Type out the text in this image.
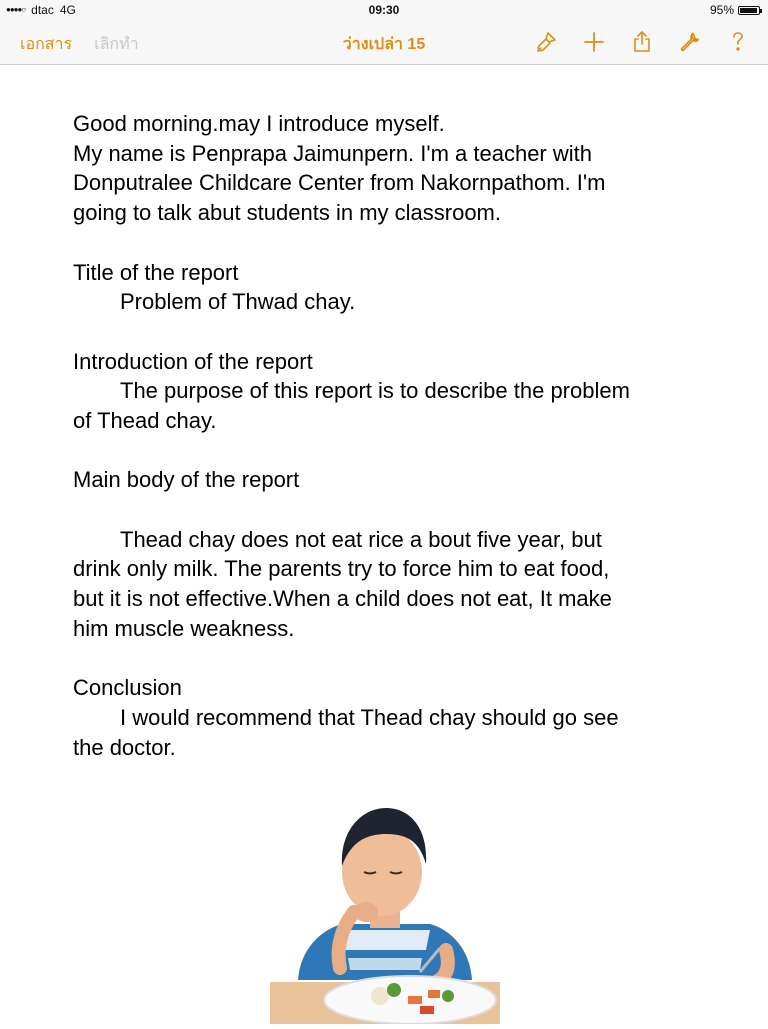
●●●●○ dtac 4G	09:30	95%
เอกสาร เลิกทำ	ว่างเปล่า 15

Good morning.may I introduce myself.

My name is Penprapa Jaimunpern. I'm a teacher with

Donputralee Childcare Center from Nakornpathom. I'm

going to talk abut students in my classroom.

Title of the report

Problem of Thwad chay.

Introduction of the report

The purpose of this report is to describe the problem

of Thead chay.

Main body of the report

Thead chay does not eat rice a bout five year, but

drink only milk. The parents try to force him to eat food,

but it is not effective.When a child does not eat, It make

him muscle weakness.

Conclusion

I would recommend that Thead chay should go see

the doctor.
